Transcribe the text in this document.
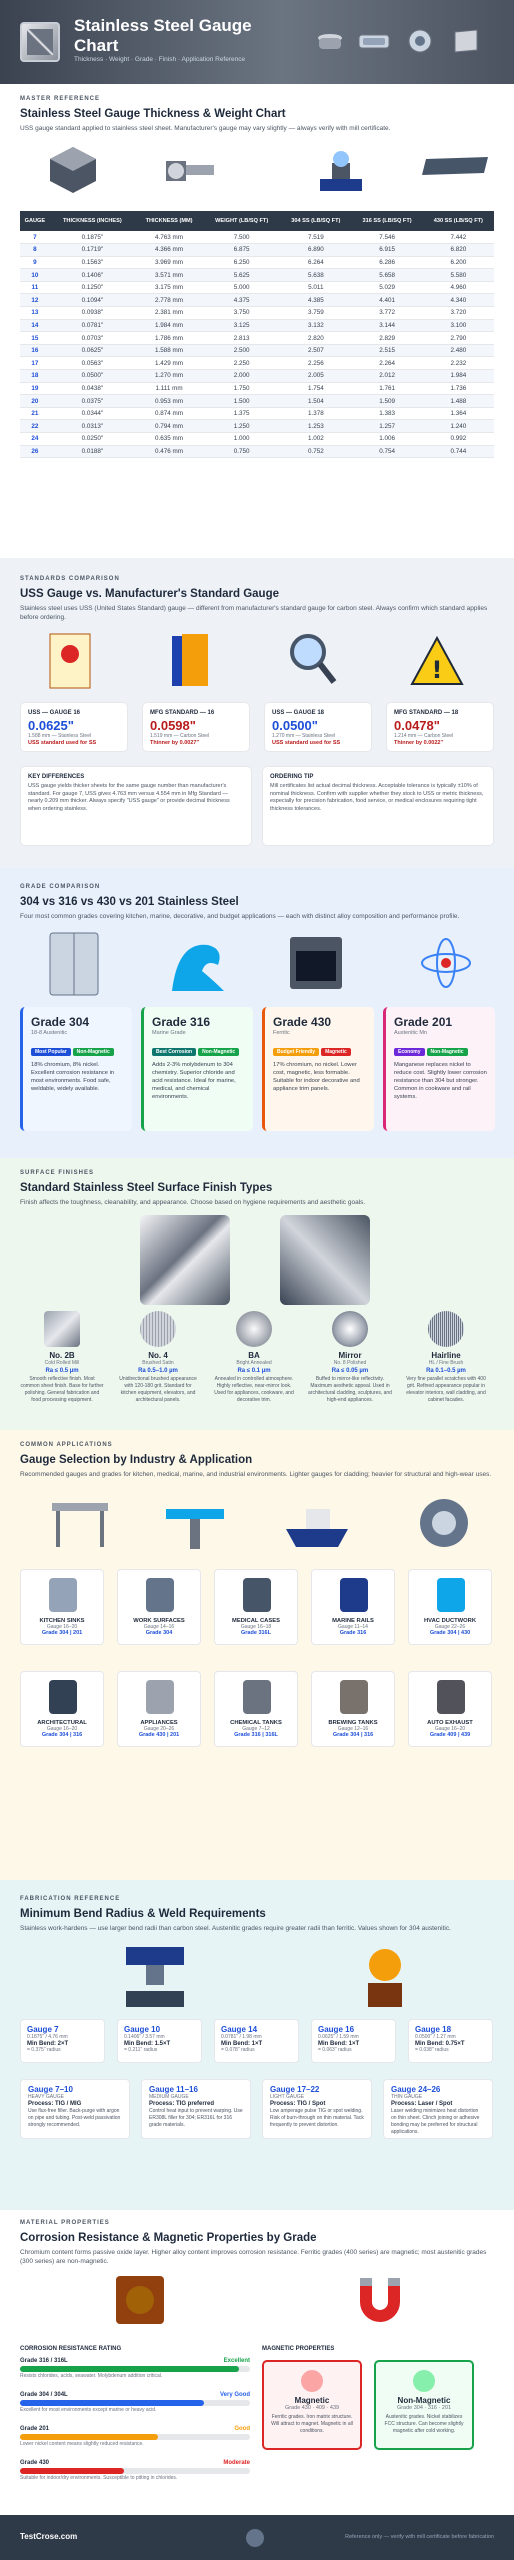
Stainless Steel Gauge Chart
Thickness · Weight · Grade · Finish · Application Reference
MASTER REFERENCE
Stainless Steel Gauge Thickness & Weight Chart
USS gauge standard applied to stainless steel sheet. Manufacturer's gauge may vary slightly — always verify with mill certificate.
GAUGE	THICKNESS (INCHES)	THICKNESS (MM)	WEIGHT (LB/SQ FT)	304 SS (LB/SQ FT)	316 SS (LB/SQ FT)	430 SS (LB/SQ FT)
7	0.1875"	4.763 mm	7.500	7.519	7.546	7.442
8	0.1719"	4.366 mm	6.875	6.890	6.915	6.820
9	0.1563"	3.969 mm	6.250	6.264	6.286	6.200
10	0.1406"	3.571 mm	5.625	5.638	5.658	5.580
11	0.1250"	3.175 mm	5.000	5.011	5.029	4.960
12	0.1094"	2.778 mm	4.375	4.385	4.401	4.340
13	0.0938"	2.381 mm	3.750	3.759	3.772	3.720
14	0.0781"	1.984 mm	3.125	3.132	3.144	3.100
15	0.0703"	1.786 mm	2.813	2.820	2.829	2.790
16	0.0625"	1.588 mm	2.500	2.507	2.515	2.480
17	0.0563"	1.429 mm	2.250	2.256	2.264	2.232
18	0.0500"	1.270 mm	2.000	2.005	2.012	1.984
19	0.0438"	1.111 mm	1.750	1.754	1.761	1.736
20	0.0375"	0.953 mm	1.500	1.504	1.509	1.488
21	0.0344"	0.874 mm	1.375	1.378	1.383	1.364
22	0.0313"	0.794 mm	1.250	1.253	1.257	1.240
24	0.0250"	0.635 mm	1.000	1.002	1.006	0.992
26	0.0188"	0.476 mm	0.750	0.752	0.754	0.744
STANDARDS COMPARISON
USS Gauge vs. Manufacturer's Standard Gauge
Stainless steel uses USS (United States Standard) gauge — different from manufacturer's standard gauge for carbon steel. Always confirm which standard applies before ordering.
!
USS — GAUGE 16
0.0625"
1.588 mm — Stainless Steel
USS standard used for SS
MFG STANDARD — 16
0.0598"
1.519 mm — Carbon Steel
Thinner by 0.0027"
USS — GAUGE 18
0.0500"
1.270 mm — Stainless Steel
USS standard used for SS
MFG STANDARD — 18
0.0478"
1.214 mm — Carbon Steel
Thinner by 0.0022"
KEY DIFFERENCES
USS gauge yields thicker sheets for the same gauge number than manufacturer's standard. For gauge 7, USS gives 4.763 mm versus 4.554 mm in Mfg Standard — nearly 0.209 mm thicker. Always specify "USS gauge" or provide decimal thickness when ordering stainless.
ORDERING TIP
Mill certificates list actual decimal thickness. Acceptable tolerance is typically ±10% of nominal thickness. Confirm with supplier whether they stock to USS or metric thickness, especially for precision fabrication, food service, or medical enclosures requiring tight thickness tolerances.
GRADE COMPARISON
304 vs 316 vs 430 vs 201 Stainless Steel
Four most common grades covering kitchen, marine, decorative, and budget applications — each with distinct alloy composition and performance profile.
Grade 304
18-8 Austenitic
Most Popular Non-Magnetic
18% chromium, 8% nickel. Excellent corrosion resistance in most environments. Food safe, weldable, widely available.
Grade 316
Marine Grade
Best Corrosion Non-Magnetic
Adds 2-3% molybdenum to 304 chemistry. Superior chloride and acid resistance. Ideal for marine, medical, and chemical environments.
Grade 430
Ferritic
Budget Friendly Magnetic
17% chromium, no nickel. Lower cost, magnetic, less formable. Suitable for indoor decorative and appliance trim panels.
Grade 201
Austenitic Mn
Economy Non-Magnetic
Manganese replaces nickel to reduce cost. Slightly lower corrosion resistance than 304 but stronger. Common in cookware and rail systems.
SURFACE FINISHES
Standard Stainless Steel Surface Finish Types
Finish affects the toughness, cleanability, and appearance. Choose based on hygiene requirements and aesthetic goals.
No. 2B
Cold Rolled Mill
Ra ≤ 0.5 µm
Smooth reflective finish. Most common sheet finish. Base for further polishing. General fabrication and food processing equipment.
No. 4
Brushed Satin
Ra 0.5–1.0 µm
Unidirectional brushed appearance with 120-180 grit. Standard for kitchen equipment, elevators, and architectural panels.
BA
Bright Annealed
Ra ≤ 0.1 µm
Annealed in controlled atmosphere. Highly reflective, near-mirror look. Used for appliances, cookware, and decorative trim.
Mirror
No. 8 Polished
Ra ≤ 0.05 µm
Buffed to mirror-like reflectivity. Maximum aesthetic appeal. Used in architectural cladding, sculptures, and high-end appliances.
Hairline
HL / Fine Brush
Ra 0.1–0.5 µm
Very fine parallel scratches with 400 grit. Refined appearance popular in elevator interiors, wall cladding, and cabinet facades.
COMMON APPLICATIONS
Gauge Selection by Industry & Application
Recommended gauges and grades for kitchen, medical, marine, and industrial environments. Lighter gauges for cladding; heavier for structural and high-wear uses.
KITCHEN SINKS
Gauge 16–20
Grade 304 | 201
WORK SURFACES
Gauge 14–16
Grade 304
MEDICAL CASES
Gauge 16–18
Grade 316L
MARINE RAILS
Gauge 11–14
Grade 316
HVAC DUCTWORK
Gauge 22–26
Grade 304 | 430
ARCHITECTURAL
Gauge 16–20
Grade 304 | 316
APPLIANCES
Gauge 20–26
Grade 430 | 201
CHEMICAL TANKS
Gauge 7–12
Grade 316 | 316L
BREWING TANKS
Gauge 12–16
Grade 304 | 316
AUTO EXHAUST
Gauge 16–20
Grade 409 | 439
FABRICATION REFERENCE
Minimum Bend Radius & Weld Requirements
Stainless work-hardens — use larger bend radii than carbon steel. Austenitic grades require greater radii than ferritic. Values shown for 304 austenitic.
Gauge 7
0.1875" / 4.76 mm
Min Bend: 2×T
= 0.375" radius
Gauge 10
0.1406" / 3.57 mm
Min Bend: 1.5×T
= 0.211" radius
Gauge 14
0.0781" / 1.98 mm
Min Bend: 1×T
= 0.078" radius
Gauge 16
0.0625" / 1.59 mm
Min Bend: 1×T
= 0.063" radius
Gauge 18
0.0500" / 1.27 mm
Min Bend: 0.75×T
= 0.038" radius
Gauge 7–10
HEAVY GAUGE
Process: TIG / MIG
Use flux-free filler. Back-purge with argon on pipe and tubing. Post-weld passivation strongly recommended.
Gauge 11–16
MEDIUM GAUGE
Process: TIG preferred
Control heat input to prevent warping. Use ER308L filler for 304; ER316L for 316 grade materials.
Gauge 17–22
LIGHT GAUGE
Process: TIG / Spot
Low amperage pulse TIG or spot welding. Risk of burn-through on thin material. Tack frequently to prevent distortion.
Gauge 24–26
THIN GAUGE
Process: Laser / Spot
Laser welding minimizes heat distortion on thin sheet. Clinch joining or adhesive bonding may be preferred for structural applications.
MATERIAL PROPERTIES
Corrosion Resistance & Magnetic Properties by Grade
Chromium content forms passive oxide layer. Higher alloy content improves corrosion resistance. Ferritic grades (400 series) are magnetic; most austenitic grades (300 series) are non-magnetic.
CORROSION RESISTANCE RATING
Grade 316 / 316L	Excellent
Resists chlorides, acids, seawater. Molybdenum addition critical.
Grade 304 / 304L	Very Good
Excellent for most environments except marine or heavy acid.
Grade 201	Good
Lower nickel content means slightly reduced resistance.
Grade 430	Moderate
Suitable for indoor/dry environments. Susceptible to pitting in chlorides.
MAGNETIC PROPERTIES
Magnetic
Grade 430 · 409 · 439
Ferritic grades. Iron matrix structure. Will attract to magnet. Magnetic in all conditions.
Non-Magnetic
Grade 304 · 316 · 201
Austenitic grades. Nickel stabilizes FCC structure. Can become slightly magnetic after cold working.
TestCrose.com	Reference only — verify with mill certificate before fabrication
